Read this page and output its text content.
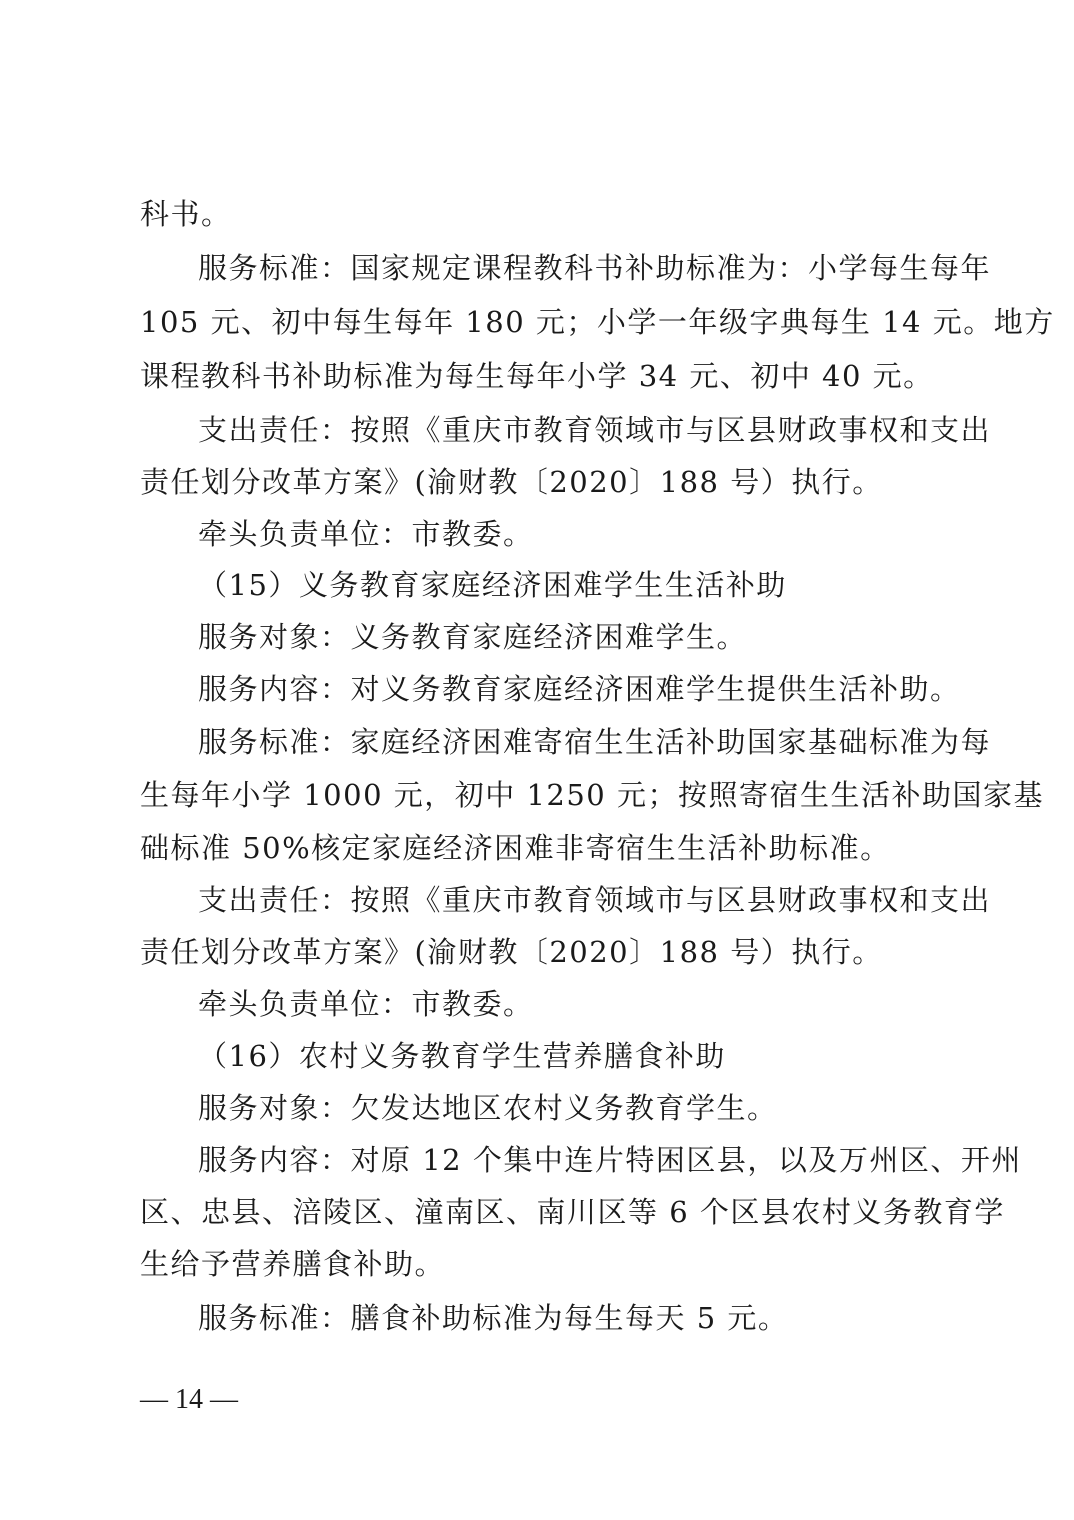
科书。
服务标准：国家规定课程教科书补助标准为：小学每生每年
105 元、初中每生每年 180 元；小学一年级字典每生 14 元。地方
课程教科书补助标准为每生每年小学 34 元、初中 40 元。
支出责任：按照《重庆市教育领域市与区县财政事权和支出
责任划分改革方案》(渝财教〔2020〕188 号）执行。
牵头负责单位：市教委。
（15）义务教育家庭经济困难学生生活补助
服务对象：义务教育家庭经济困难学生。
服务内容：对义务教育家庭经济困难学生提供生活补助。
服务标准：家庭经济困难寄宿生生活补助国家基础标准为每
生每年小学 1000 元，初中 1250 元；按照寄宿生生活补助国家基
础标准 50%核定家庭经济困难非寄宿生生活补助标准。
支出责任：按照《重庆市教育领域市与区县财政事权和支出
责任划分改革方案》(渝财教〔2020〕188 号）执行。
牵头负责单位：市教委。
（16）农村义务教育学生营养膳食补助
服务对象：欠发达地区农村义务教育学生。
服务内容：对原 12 个集中连片特困区县，以及万州区、开州
区、忠县、涪陵区、潼南区、南川区等 6 个区县农村义务教育学
生给予营养膳食补助。
服务标准：膳食补助标准为每生每天 5 元。
— 14 —
